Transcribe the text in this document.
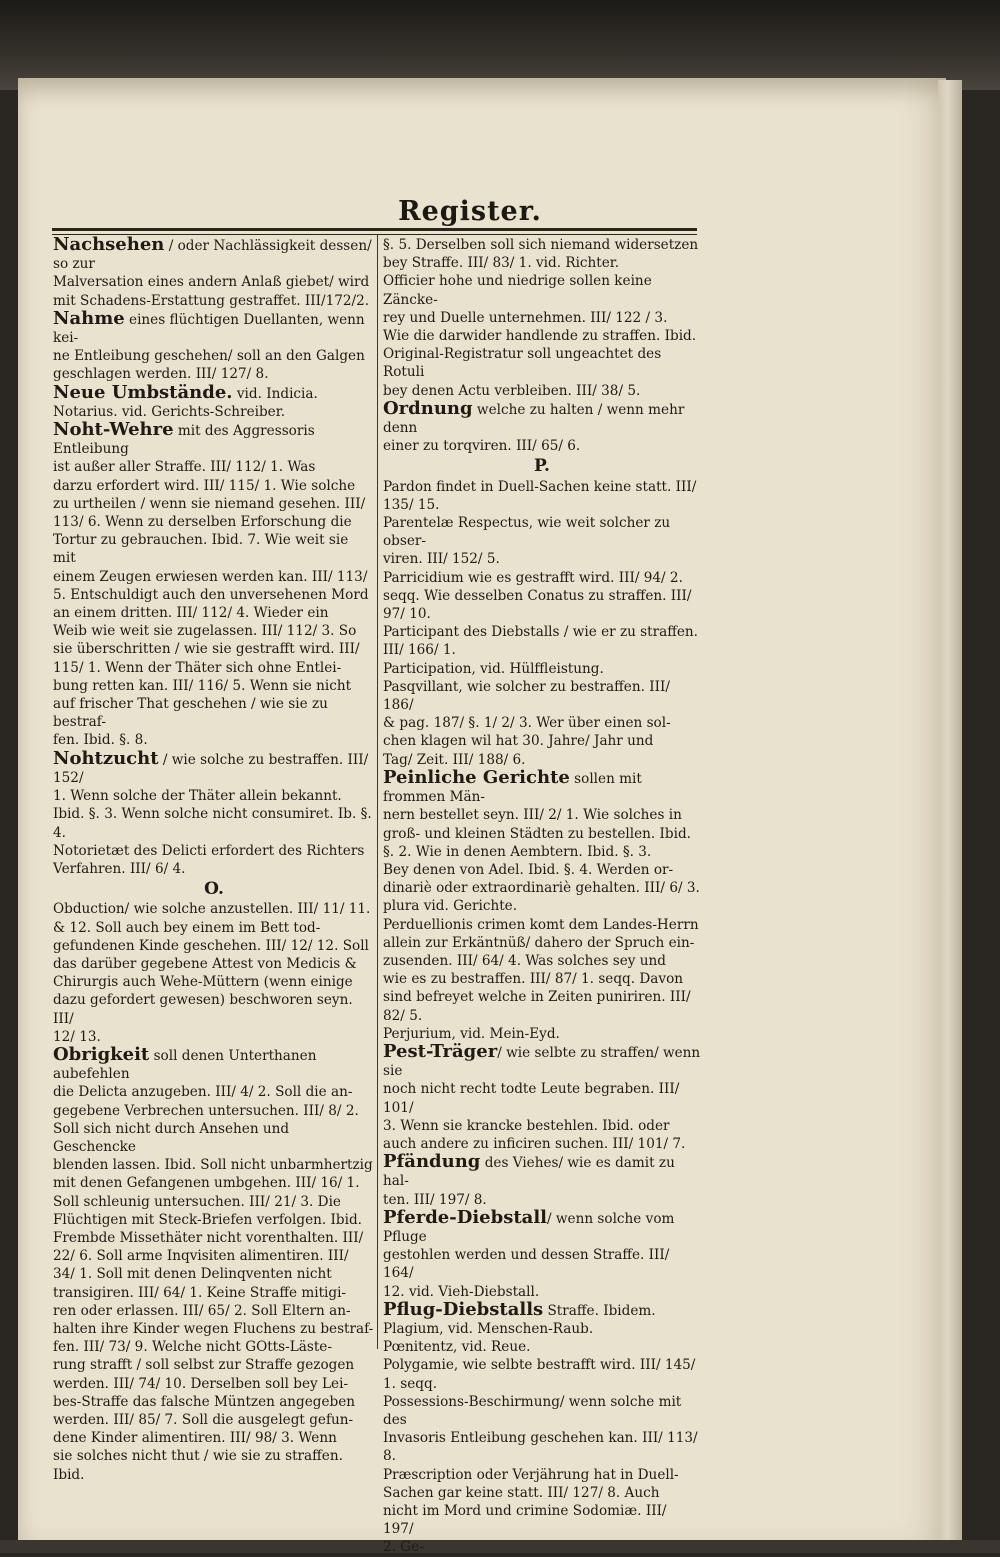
Register.
Nachsehen / oder Nachlässigkeit dessen/ so zur
Malversation eines andern Anlaß giebet/ wird
mit Schadens-Erstattung gestraffet. III/172/2.
Nahme eines flüchtigen Duellanten, wenn kei-
ne Entleibung geschehen/ soll an den Galgen
geschlagen werden. III/ 127/ 8.
Neue Umbstände. vid. Indicia.
Notarius. vid. Gerichts-Schreiber.
Noht-Wehre mit des Aggressoris Entleibung
ist außer aller Straffe. III/ 112/ 1. Was
darzu erfordert wird. III/ 115/ 1. Wie solche
zu urtheilen / wenn sie niemand gesehen. III/
113/ 6. Wenn zu derselben Erforschung die
Tortur zu gebrauchen. Ibid. 7. Wie weit sie mit
einem Zeugen erwiesen werden kan. III/ 113/
5. Entschuldigt auch den unversehenen Mord
an einem dritten. III/ 112/ 4. Wieder ein
Weib wie weit sie zugelassen. III/ 112/ 3. So
sie überschritten / wie sie gestrafft wird. III/
115/ 1. Wenn der Thäter sich ohne Entlei-
bung retten kan. III/ 116/ 5. Wenn sie nicht
auf frischer That geschehen / wie sie zu bestraf-
fen. Ibid. §. 8.
Nohtzucht / wie solche zu bestraffen. III/ 152/
1. Wenn solche der Thäter allein bekannt.
Ibid. §. 3. Wenn solche nicht consumiret. Ib. §. 4.
Notorietæt des Delicti erfordert des Richters
Verfahren. III/ 6/ 4.
O.
Obduction/ wie solche anzustellen. III/ 11/ 11.
& 12. Soll auch bey einem im Bett tod-
gefundenen Kinde geschehen. III/ 12/ 12. Soll
das darüber gegebene Attest von Medicis &
Chirurgis auch Wehe-Müttern (wenn einige
dazu gefordert gewesen) beschworen seyn. III/
12/ 13.
Obrigkeit soll denen Unterthanen aubefehlen
die Delicta anzugeben. III/ 4/ 2. Soll die an-
gegebene Verbrechen untersuchen. III/ 8/ 2.
Soll sich nicht durch Ansehen und Geschencke
blenden lassen. Ibid. Soll nicht unbarmhertzig
mit denen Gefangenen umbgehen. III/ 16/ 1.
Soll schleunig untersuchen. III/ 21/ 3. Die
Flüchtigen mit Steck-Briefen verfolgen. Ibid.
Frembde Missethäter nicht vorenthalten. III/
22/ 6. Soll arme Inqvisiten alimentiren. III/
34/ 1. Soll mit denen Delinqventen nicht
transigiren. III/ 64/ 1. Keine Straffe mitigi-
ren oder erlassen. III/ 65/ 2. Soll Eltern an-
halten ihre Kinder wegen Fluchens zu bestraf-
fen. III/ 73/ 9. Welche nicht GOtts-Läste-
rung strafft / soll selbst zur Straffe gezogen
werden. III/ 74/ 10. Derselben soll bey Lei-
bes-Straffe das falsche Müntzen angegeben
werden. III/ 85/ 7. Soll die ausgelegt gefun-
dene Kinder alimentiren. III/ 98/ 3. Wenn
sie solches nicht thut / wie sie zu straffen. Ibid.
§. 5. Derselben soll sich niemand widersetzen
bey Straffe. III/ 83/ 1. vid. Richter.
Officier hohe und niedrige sollen keine Zäncke-
rey und Duelle unternehmen. III/ 122 / 3.
Wie die darwider handlende zu straffen. Ibid.
Original-Registratur soll ungeachtet des Rotuli
bey denen Actu verbleiben. III/ 38/ 5.
Ordnung welche zu halten / wenn mehr denn
einer zu torqviren. III/ 65/ 6.
P.
Pardon findet in Duell-Sachen keine statt. III/
135/ 15.
Parentelæ Respectus, wie weit solcher zu obser-
viren. III/ 152/ 5.
Parricidium wie es gestrafft wird. III/ 94/ 2.
seqq. Wie desselben Conatus zu straffen. III/
97/ 10.
Participant des Diebstalls / wie er zu straffen.
III/ 166/ 1.
Participation, vid. Hülffleistung.
Pasqvillant, wie solcher zu bestraffen. III/ 186/
& pag. 187/ §. 1/ 2/ 3. Wer über einen sol-
chen klagen wil hat 30. Jahre/ Jahr und
Tag/ Zeit. III/ 188/ 6.
Peinliche Gerichte sollen mit frommen Män-
nern bestellet seyn. III/ 2/ 1. Wie solches in
groß- und kleinen Städten zu bestellen. Ibid.
§. 2. Wie in denen Aembtern. Ibid. §. 3.
Bey denen von Adel. Ibid. §. 4. Werden or-
dinariè oder extraordinariè gehalten. III/ 6/ 3.
plura vid. Gerichte.
Perduellionis crimen komt dem Landes-Herrn
allein zur Erkäntnüß/ dahero der Spruch ein-
zusenden. III/ 64/ 4. Was solches sey und
wie es zu bestraffen. III/ 87/ 1. seqq. Davon
sind befreyet welche in Zeiten puniriren. III/
82/ 5.
Perjurium, vid. Mein-Eyd.
Pest-Träger/ wie selbte zu straffen/ wenn sie
noch nicht recht todte Leute begraben. III/ 101/
3. Wenn sie krancke bestehlen. Ibid. oder
auch andere zu inficiren suchen. III/ 101/ 7.
Pfändung des Viehes/ wie es damit zu hal-
ten. III/ 197/ 8.
Pferde-Diebstall/ wenn solche vom Pfluge
gestohlen werden und dessen Straffe. III/ 164/
12. vid. Vieh-Diebstall.
Pflug-Diebstalls Straffe. Ibidem.
Plagium, vid. Menschen-Raub.
Pœnitentz, vid. Reue.
Polygamie, wie selbte bestrafft wird. III/ 145/
1. seqq.
Possessions-Beschirmung/ wenn solche mit des
Invasoris Entleibung geschehen kan. III/ 113/ 8.
Præscription oder Verjährung hat in Duell-
Sachen gar keine statt. III/ 127/ 8. Auch
nicht im Mord und crimine Sodomiæ. III/ 197/
2. Ge-
